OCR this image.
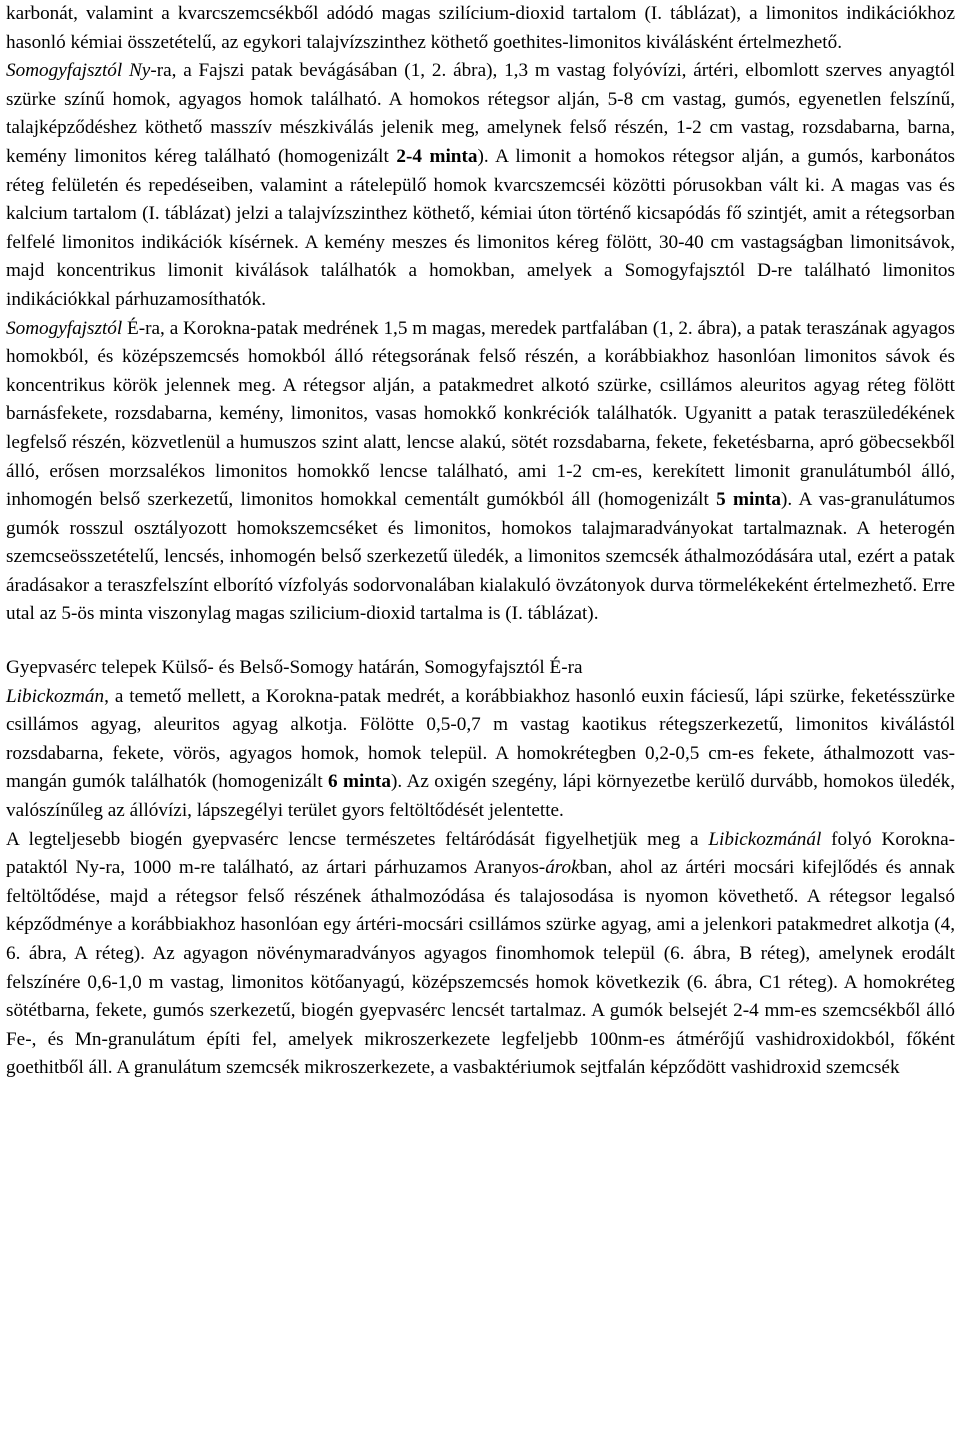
karbonát, valamint a kvarcszemcsékből adódó magas szilícium-dioxid tartalom (I. táblázat), a limonitos indikációkhoz hasonló kémiai összetételű, az egykori talajvízszinthez köthető goethites-limonitos kiválásként értelmezhető.

Somogyfajsztól Ny-ra, a Fajszi patak bevágásában (1, 2. ábra), 1,3 m vastag folyóvízi, ártéri, elbomlott szerves anyagtól szürke színű homok, agyagos homok található. A homokos rétegsor alján, 5-8 cm vastag, gumós, egyenetlen felszínű, talajképződéshez köthető masszív mészkiválás jelenik meg, amelynek felső részén, 1-2 cm vastag, rozsdabarna, barna, kemény limonitos kéreg található (homogenizált 2-4 minta). A limonit a homokos rétegsor alján, a gumós, karbonátos réteg felületén és repedéseiben, valamint a rátelepülő homok kvarcszemcséi közötti pórusokban vált ki. A magas vas és kalcium tartalom (I. táblázat) jelzi a talajvízszinthez köthető, kémiai úton történő kicsapódás fő szintjét, amit a rétegsorban felfelé limonitos indikációk kísérnek. A kemény meszes és limonitos kéreg fölött, 30-40 cm vastagságban limonitsávok, majd koncentrikus limonit kiválások találhatók a homokban, amelyek a Somogyfajsztól D-re található limonitos indikációkkal párhuzamosíthatók.

Somogyfajsztól É-ra, a Korokna-patak medrének 1,5 m magas, meredek partfalában (1, 2. ábra), a patak teraszának agyagos homokból, és középszemcsés homokból álló rétegsorának felső részén, a korábbiakhoz hasonlóan limonitos sávok és koncentrikus körök jelennek meg. A rétegsor alján, a patakmedret alkotó szürke, csillámos aleuritos agyag réteg fölött barnásfekete, rozsdabarna, kemény, limonitos, vasas homokkő konkréciók találhatók. Ugyanitt a patak teraszüledékének legfelső részén, közvetlenül a humuszos szint alatt, lencse alakú, sötét rozsdabarna, fekete, feketésbarna, apró göbecsekből álló, erősen morzsalékos limonitos homokkő lencse található, ami 1-2 cm-es, kerekített limonit granulátumból álló, inhomogén belső szerkezetű, limonitos homokkal cementált gumókból áll (homogenizált 5 minta). A vas-granulátumos gumók rosszul osztályozott homokszemcséket és limonitos, homokos talajmaradványokat tartalmaznak. A heterogén szemcseösszetételű, lencsés, inhomogén belső szerkezetű üledék, a limonitos szemcsék áthalmozódására utal, ezért a patak áradásakor a teraszfelszínt elborító vízfolyás sodorvonalában kialakuló övzátonyok durva törmelékeként értelmezhető. Erre utal az 5-ös minta viszonylag magas szilicium-dioxid tartalma is (I. táblázat).

Gyepvasérc telepek Külső- és Belső-Somogy határán, Somogyfajsztól É-ra

Libickozmán, a temető mellett, a Korokna-patak medrét, a korábbiakhoz hasonló euxin fáciesű, lápi szürke, feketésszürke csillámos agyag, aleuritos agyag alkotja. Fölötte 0,5-0,7 m vastag kaotikus rétegszerkezetű, limonitos kiválástól rozsdabarna, fekete, vörös, agyagos homok, homok települ. A homokrétegben 0,2-0,5 cm-es fekete, áthalmozott vas-mangán gumók találhatók (homogenizált 6 minta). Az oxigén szegény, lápi környezetbe kerülő durvább, homokos üledék, valószínűleg az állóvízi, lápszegélyi terület gyors feltöltődését jelentette.

A legteljesebb biogén gyepvasérc lencse természetes feltáródását figyelhetjük meg a Libickozmánál folyó Korokna-pataktól Ny-ra, 1000 m-re található, az ártari párhuzamos Aranyos-árokban, ahol az ártéri mocsári kifejlődés és annak feltöltődése, majd a rétegsor felső részének áthalmozódása és talajosodása is nyomon követhető. A rétegsor legalsó képződménye a korábbiakhoz hasonlóan egy ártéri-mocsári csillámos szürke agyag, ami a jelenkori patakmedret alkotja (4, 6. ábra, A réteg). Az agyagon növénymaradványos agyagos finomhomok települ (6. ábra, B réteg), amelynek erodált felszínére 0,6-1,0 m vastag, limonitos kötőanyagú, középszemcsés homok következik (6. ábra, C1 réteg). A homokréteg sötétbarna, fekete, gumós szerkezetű, biogén gyepvasérc lencsét tartalmaz. A gumók belsejét 2-4 mm-es szemcsékből álló Fe-, és Mn-granulátum építi fel, amelyek mikroszerkezete legfeljebb 100nm-es átmérőjű vashidroxidokból, főként goethitből áll. A granulátum szemcsék mikroszerkezete, a vasbaktériumok sejtfalán képződött vashidroxid szemcsék
